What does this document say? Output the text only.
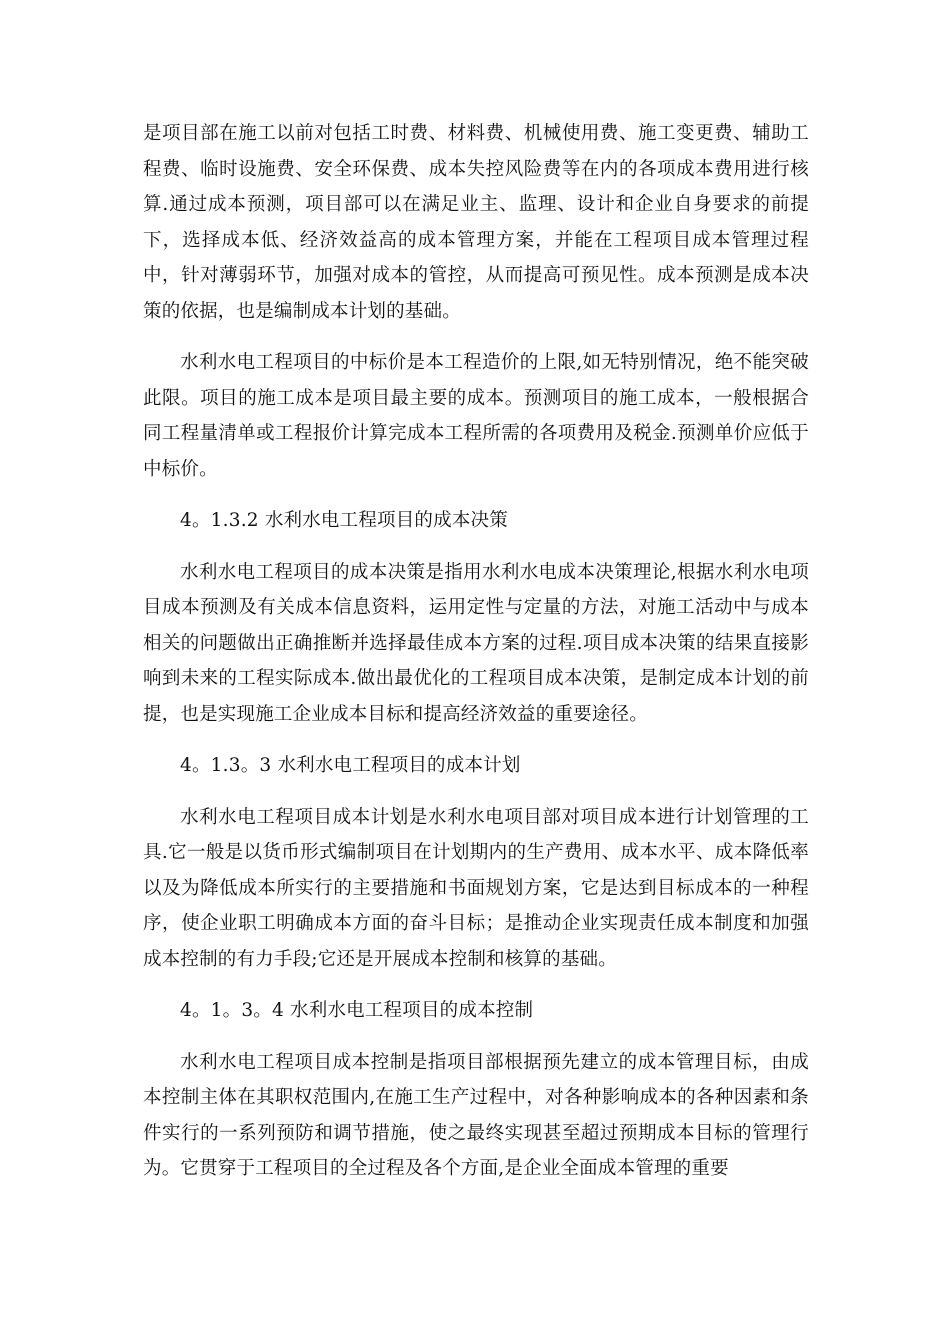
是项目部在施工以前对包括工时费、材料费、机械使用费、施工变更费、辅助工程费、临时设施费、安全环保费、成本失控风险费等在内的各项成本费用进行核算.通过成本预测，项目部可以在满足业主、监理、设计和企业自身要求的前提下，选择成本低、经济效益高的成本管理方案，并能在工程项目成本管理过程中，针对薄弱环节，加强对成本的管控，从而提高可预见性。成本预测是成本决策的依据，也是编制成本计划的基础。

水利水电工程项目的中标价是本工程造价的上限,如无特别情况，绝不能突破此限。项目的施工成本是项目最主要的成本。预测项目的施工成本，一般根据合同工程量清单或工程报价计算完成本工程所需的各项费用及税金.预测单价应低于中标价。

4。1.3.2 水利水电工程项目的成本决策

水利水电工程项目的成本决策是指用水利水电成本决策理论,根据水利水电项目成本预测及有关成本信息资料，运用定性与定量的方法，对施工活动中与成本相关的问题做出正确推断并选择最佳成本方案的过程.项目成本决策的结果直接影响到未来的工程实际成本.做出最优化的工程项目成本决策，是制定成本计划的前提，也是实现施工企业成本目标和提高经济效益的重要途径。

4。1.3。3 水利水电工程项目的成本计划

水利水电工程项目成本计划是水利水电项目部对项目成本进行计划管理的工具.它一般是以货币形式编制项目在计划期内的生产费用、成本水平、成本降低率以及为降低成本所实行的主要措施和书面规划方案，它是达到目标成本的一种程序，使企业职工明确成本方面的奋斗目标；是推动企业实现责任成本制度和加强成本控制的有力手段;它还是开展成本控制和核算的基础。

4。1。3。4 水利水电工程项目的成本控制

水利水电工程项目成本控制是指项目部根据预先建立的成本管理目标，由成本控制主体在其职权范围内,在施工生产过程中，对各种影响成本的各种因素和条件实行的一系列预防和调节措施，使之最终实现甚至超过预期成本目标的管理行为。它贯穿于工程项目的全过程及各个方面,是企业全面成本管理的重要
